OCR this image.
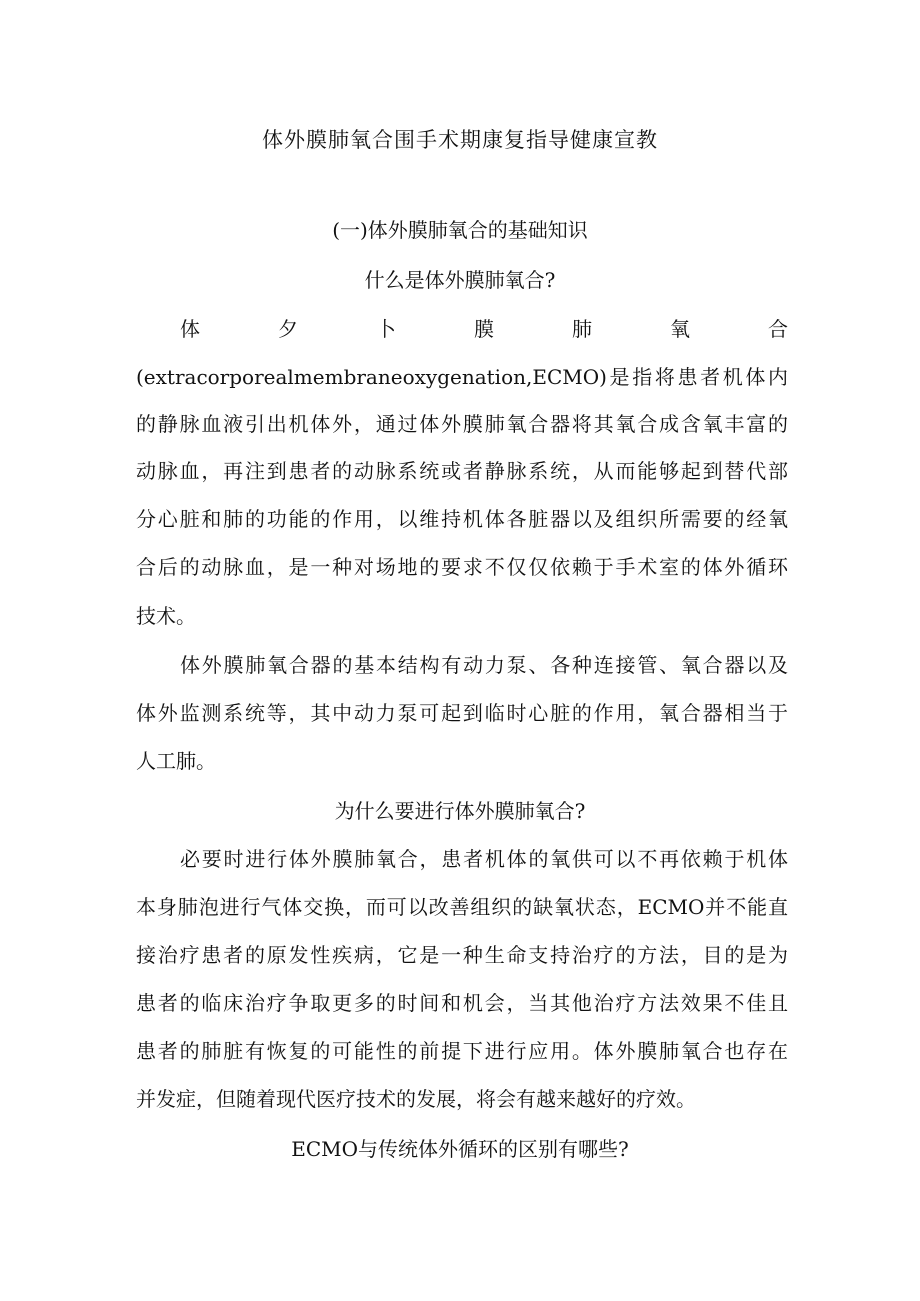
体外膜肺氧合围手术期康复指导健康宣教
(一)体外膜肺氧合的基础知识
什么是体外膜肺氧合?
体	夕	卜	膜	肺	氧	合
(extracorporealmembraneoxygenation,ECMO)是指将患者机体内
的静脉血液引出机体外，通过体外膜肺氧合器将其氧合成含氧丰富的
动脉血，再注到患者的动脉系统或者静脉系统，从而能够起到替代部
分心脏和肺的功能的作用，以维持机体各脏器以及组织所需要的经氧
合后的动脉血，是一种对场地的要求不仅仅依赖于手术室的体外循环
技术。
体外膜肺氧合器的基本结构有动力泵、各种连接管、氧合器以及
体外监测系统等，其中动力泵可起到临时心脏的作用，氧合器相当于
人工肺。
为什么要进行体外膜肺氧合?
必要时进行体外膜肺氧合，患者机体的氧供可以不再依赖于机体
本身肺泡进行气体交换，而可以改善组织的缺氧状态，ECMO并不能直
接治疗患者的原发性疾病，它是一种生命支持治疗的方法，目的是为
患者的临床治疗争取更多的时间和机会，当其他治疗方法效果不佳且
患者的肺脏有恢复的可能性的前提下进行应用。体外膜肺氧合也存在
并发症，但随着现代医疗技术的发展，将会有越来越好的疗效。
ECMO与传统体外循环的区别有哪些?
